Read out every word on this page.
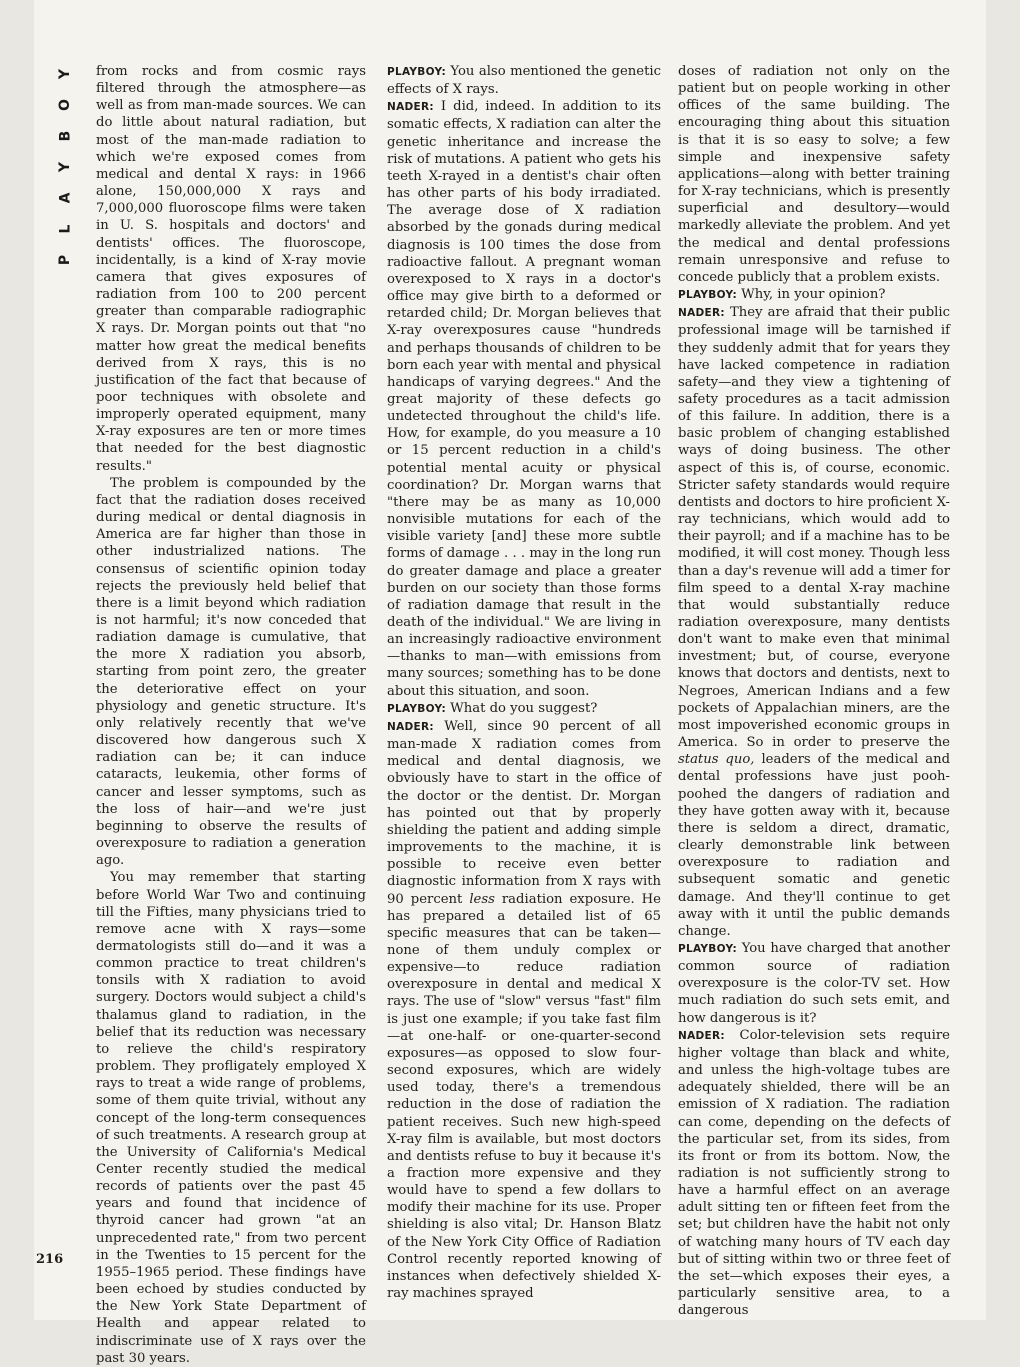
Y
O
B
Y
A
L
P

from rocks and from cosmic rays filtered through the atmosphere—as well as from man-made sources. We can do little about natural radiation, but most of the man-made radiation to which we're exposed comes from medical and dental X rays: in 1966 alone, 150,000,000 X rays and 7,000,000 fluoroscope films were taken in U. S. hospitals and doctors' and dentists' offices. The fluoroscope, incidentally, is a kind of X-ray movie camera that gives exposures of radiation from 100 to 200 percent greater than comparable radiographic X rays. Dr. Morgan points out that "no matter how great the medical benefits derived from X rays, this is no justification of the fact that because of poor techniques with obsolete and improperly operated equipment, many X-ray exposures are ten or more times that needed for the best diagnostic results."

The problem is compounded by the fact that the radiation doses received during medical or dental diagnosis in America are far higher than those in other industrialized nations. The consensus of scientific opinion today rejects the previously held belief that there is a limit beyond which radiation is not harmful; it's now conceded that radiation damage is cumulative, that the more X radiation you absorb, starting from point zero, the greater the deteriorative effect on your physiology and genetic structure. It's only relatively recently that we've discovered how dangerous such X radiation can be; it can induce cataracts, leukemia, other forms of cancer and lesser symptoms, such as the loss of hair—and we're just beginning to observe the results of overexposure to radiation a generation ago.

You may remember that starting before World War Two and continuing till the Fifties, many physicians tried to remove acne with X rays—some dermatologists still do—and it was a common practice to treat children's tonsils with X radiation to avoid surgery. Doctors would subject a child's thalamus gland to radiation, in the belief that its reduction was necessary to relieve the child's respiratory problem. They profligately employed X rays to treat a wide range of problems, some of them quite trivial, without any concept of the long-term consequences of such treatments. A research group at the University of California's Medical Center recently studied the medical records of patients over the past 45 years and found that incidence of thyroid cancer had grown "at an unprecedented rate," from two percent in the Twenties to 15 percent for the 1955–1965 period. These findings have been echoed by studies conducted by the New York State Department of Health and appear related to indiscriminate use of X rays over the past 30 years.

PLAYBOY: You also mentioned the genetic effects of X rays.

NADER: I did, indeed. In addition to its somatic effects, X radiation can alter the genetic inheritance and increase the risk of mutations. A patient who gets his teeth X-rayed in a dentist's chair often has other parts of his body irradiated. The average dose of X radiation absorbed by the gonads during medical diagnosis is 100 times the dose from radioactive fallout. A pregnant woman overexposed to X rays in a doctor's office may give birth to a deformed or retarded child; Dr. Morgan believes that X-ray overexposures cause "hundreds and perhaps thousands of children to be born each year with mental and physical handicaps of varying degrees." And the great majority of these defects go undetected throughout the child's life. How, for example, do you measure a 10 or 15 percent reduction in a child's potential mental acuity or physical coordination? Dr. Morgan warns that "there may be as many as 10,000 nonvisible mutations for each of the visible variety [and] these more subtle forms of damage . . . may in the long run do greater damage and place a greater burden on our society than those forms of radiation damage that result in the death of the individual." We are living in an increasingly radioactive environment—thanks to man—with emissions from many sources; something has to be done about this situation, and soon.

PLAYBOY: What do you suggest?

NADER: Well, since 90 percent of all man-made X radiation comes from medical and dental diagnosis, we obviously have to start in the office of the doctor or the dentist. Dr. Morgan has pointed out that by properly shielding the patient and adding simple improvements to the machine, it is possible to receive even better diagnostic information from X rays with 90 percent less radiation exposure. He has prepared a detailed list of 65 specific measures that can be taken—none of them unduly complex or expensive—to reduce radiation overexposure in dental and medical X rays. The use of "slow" versus "fast" film is just one example; if you take fast film—at one-half- or one-quarter-second exposures—as opposed to slow four-second exposures, which are widely used today, there's a tremendous reduction in the dose of radiation the patient receives. Such new high-speed X-ray film is available, but most doctors and dentists refuse to buy it because it's a fraction more expensive and they would have to spend a few dollars to modify their machine for its use. Proper shielding is also vital; Dr. Hanson Blatz of the New York City Office of Radiation Control recently reported knowing of instances when defectively shielded X-ray machines sprayed

doses of radiation not only on the patient but on people working in other offices of the same building. The encouraging thing about this situation is that it is so easy to solve; a few simple and inexpensive safety applications—along with better training for X-ray technicians, which is presently superficial and desultory—would markedly alleviate the problem. And yet the medical and dental professions remain unresponsive and refuse to concede publicly that a problem exists.

PLAYBOY: Why, in your opinion?

NADER: They are afraid that their public professional image will be tarnished if they suddenly admit that for years they have lacked competence in radiation safety—and they view a tightening of safety procedures as a tacit admission of this failure. In addition, there is a basic problem of changing established ways of doing business. The other aspect of this is, of course, economic. Stricter safety standards would require dentists and doctors to hire proficient X-ray technicians, which would add to their payroll; and if a machine has to be modified, it will cost money. Though less than a day's revenue will add a timer for film speed to a dental X-ray machine that would substantially reduce radiation overexposure, many dentists don't want to make even that minimal investment; but, of course, everyone knows that doctors and dentists, next to Negroes, American Indians and a few pockets of Appalachian miners, are the most impoverished economic groups in America. So in order to preserve the status quo, leaders of the medical and dental professions have just pooh-poohed the dangers of radiation and they have gotten away with it, because there is seldom a direct, dramatic, clearly demonstrable link between overexposure to radiation and subsequent somatic and genetic damage. And they'll continue to get away with it until the public demands change.

PLAYBOY: You have charged that another common source of radiation overexposure is the color-TV set. How much radiation do such sets emit, and how dangerous is it?

NADER: Color-television sets require higher voltage than black and white, and unless the high-voltage tubes are adequately shielded, there will be an emission of X radiation. The radiation can come, depending on the defects of the particular set, from its sides, from its front or from its bottom. Now, the radiation is not sufficiently strong to have a harmful effect on an average adult sitting ten or fifteen feet from the set; but children have the habit not only of watching many hours of TV each day but of sitting within two or three feet of the set—which exposes their eyes, a particularly sensitive area, to a dangerous

216
